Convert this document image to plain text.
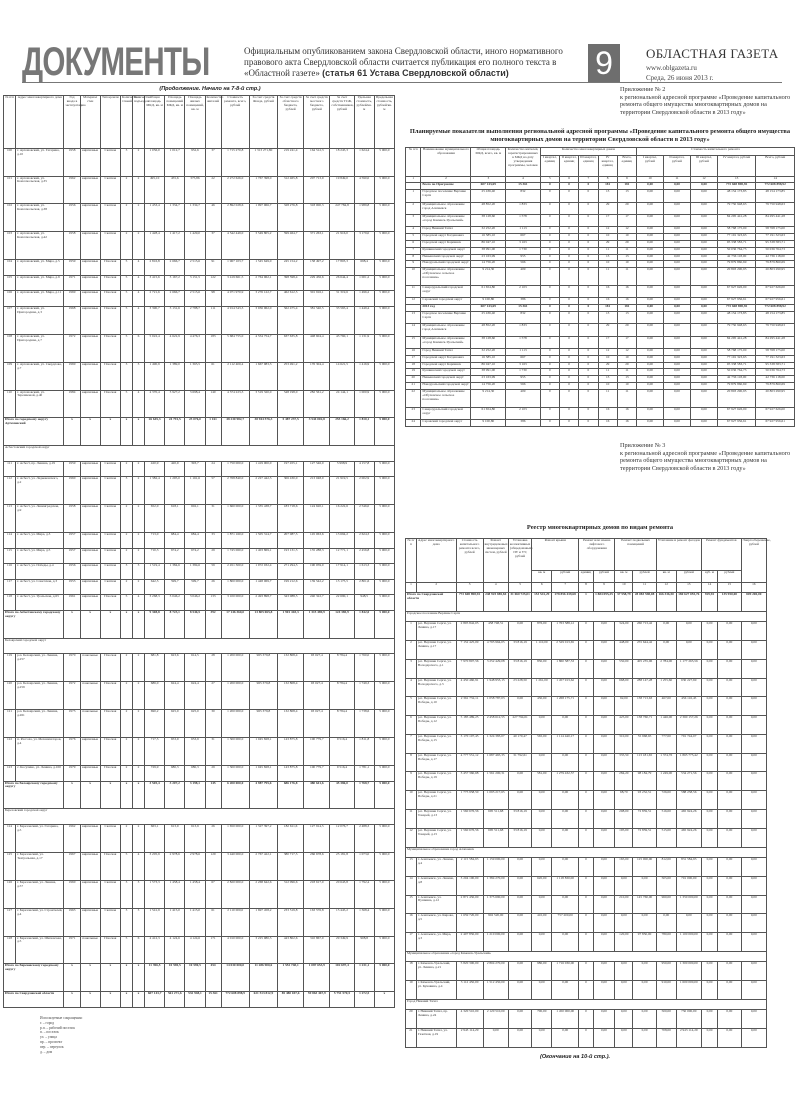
ДОКУМЕНТЫ	Официальным опубликованием закона Свердловской области, иного нормативного правового акта Свердловской области считается публикация его полного текста в «Областной газете» (статья 61 Устава Свердловской области)	9	ОБЛАСТНАЯ ГАЗЕТА
www.oblgazeta.ru
Среда, 26 июня 2013 г.
(Продолжение. Начало на 7-8-й стр.)	Приложение № 2
к региональной адресной программе «Проведение капитального ремонта общего имущества многоквартирных домов на территории Свердловской области в 2013 году»
Планируемые показатели выполнения региональной адресной программы «Проведение капитального ремонта общего имущества многоквартирных домов на территории Свердловской области в 2013 году»
№ п/п	Наименование муниципального образования	Общая площадь МКД, всего, кв. м	Количество жителей, зарегистрированных в МКД на дату утверждения программы, человек	Количество многоквартирных домов					Стоимость капитального ремонта				
				I квартал, единиц	II квартал, единиц	III квартал, единиц	IV квартал, единиц	Всего, единиц	I квартал, рублей	II квартал, рублей	III квартал, рублей	IV квартал, рублей	Всего, рублей
1	2	3	4	5	6	7	8	9	10	11	12	13	14
	Всего по Программе	607 143,69	15 361	0	0	0	181	181	0,00	0,00	0,00	772 608 898,92	772 608 898,92
1	Городское поселение Верхние Серги	25 436,40	832	0	0	0	13	13	0,00	0,00	0,00	48 154 173,85	48 154 173,85
2	Муниципальное образование город Алапаевск	48 852,20	1 833	0	0	0	29	29	0,00	0,00	0,00	79 750 948,63	79 750 948,63
3	Муниципальное образование «город Каменск-Уральский»	38 128,60	1 578	0	0	0	17	17	0,00	0,00	0,00	84 295 441,28	84 295 441,28
4	Город Нижний Тагил	32 252,20	1 113	0	0	0	12	12	0,00	0,00	0,00	58 768 175,00	58 768 175,00
5	Городской округ Богданович	16 585,10	667	0	0	0	10	10	0,00	0,00	0,00	77 191 323,63	77 191 323,63
6	Городской округ Карпинск	86 047,10	3 163	0	0	0	29	29	0,00	0,00	0,00	95 338 583,71	95 338 583,71
7	Кушвинский городской округ	38 991,00	1 730	0	0	0	11	11	0,00	0,00	0,00	50 036 764,73	50 036 764,73
8	Невьянский городской округ	23 163,99	955	0	0	0	13	13	0,00	0,00	0,00	42 736 118,00	42 736 118,00
9	Новоуральский городской округ	14 756,20	566	0	0	0	10	10	0,00	0,00	0,00	79 879 860,69	79 879 860,69
10	Муниципальное образование «Обуховское сельское поселение»	9 214,30	409	0	0	0	11	11	0,00	0,00	0,00	20 803 290,95	20 803 290,95
11	Североуральский городской округ	61 654,80	2 103	0	0	0	16	16	0,00	0,00	0,00	67 927 626,00	67 927 626,00
12	Серовский городской округ	9 100,80	386	0	0	0	16	16	0,00	0,00	0,00	67 927 956,61	67 927 956,61
	2013 год	607 143,69	15 361	0	0	0	181	181	0,00	0,00	0,00	772 608 898,92	772 608 898,92
13	Городское поселение Верхние Серги	25 436,40	832	0	0	0	13	13	0,00	0,00	0,00	48 154 173,85	48 154 173,85
14	Муниципальное образование город Алапаевск	48 852,20	1 833	0	0	0	29	29	0,00	0,00	0,00	79 750 948,63	79 750 948,63
15	Муниципальное образование «город Каменск-Уральский»	38 128,60	1 578	0	0	0	17	17	0,00	0,00	0,00	84 295 441,28	84 295 441,28
16	Город Нижний Тагил	32 252,20	1 113	0	0	0	12	12	0,00	0,00	0,00	58 768 175,00	58 768 175,00
17	Городской округ Богданович	16 585,10	667	0	0	0	10	10	0,00	0,00	0,00	77 191 323,63	77 191 323,63
18	Городской округ Карпинск	86 047,10	3 163	0	0	0	29	29	0,00	0,00	0,00	95 338 583,71	95 338 583,71
19	Кушвинский городской округ	38 991,00	1 730	0	0	0	11	11	0,00	0,00	0,00	50 036 764,73	50 036 764,73
20	Невьянский городской округ	23 163,99	955	0	0	0	13	13	0,00	0,00	0,00	42 736 118,00	42 736 118,00
21	Новоуральский городской округ	14 756,20	566	0	0	0	10	10	0,00	0,00	0,00	79 879 860,69	79 879 860,69
22	Муниципальное образование «Обуховское сельское поселение»	9 214,30	409	0	0	0	11	11	0,00	0,00	0,00	20 803 290,95	20 803 290,95
23	Североуральский городской округ	61 654,80	2 103	0	0	0	16	16	0,00	0,00	0,00	67 927 626,00	67 927 626,00
24	Серовский городской округ	9 100,80	386	0	0	0	16	16	0,00	0,00	0,00	67 927 956,61	67 927 956,61
Приложение № 3
к региональной адресной программе «Проведение капитального ремонта общего имущества многоквартирных домов на территории Свердловской области в 2013 году»
Реестр многоквартирных домов по видам ремонта
№ п/п	Адрес многоквартирного дома	Стоимость капитального ремонта всего, рублей	Ремонт внутридомовых инженерных систем, рублей	Установка коллективных (общедомовых) ПУ и УУ, рублей	Ремонт крыши		Ремонт или замена лифтового оборудования		Ремонт подвальных помещений		Утепление и ремонт фасадов		Ремонт фундаментов		Энергосбережение, рублей
					кв. м	рублей	единиц	рублей	кв. м	рублей	кв. м	рублей	куб. м	рублей	
1	2	3	4	5	6	7	8	9	10	11	12	13	14	15	16
Итого по Свердловской области		772 608 898,92	248 925 885,84	31 060 725,01	153 541,29	278 856 439,68	1	1 884 095,25	37 558,79	28 083 598,08	166 336,50	180 627 055,76	929,92	135 950,00	809 200,00
Городское поселение Верхние Серги															
1	р.п. Верхние Серги, ул. Ленина, д.17	2 805 842,05	458 748,51	0,00	876,00	1 763 588,12	0	0,00	324,00	260 713,42	0,00	0,00	0,00	0,00	0,00
2	р.п. Верхние Серги, ул. Ленина, д.17	7 152 425,09	4 795 964,05	33 816,19	1 110,00	2 529 013,65	0	0,00	448,00	255 644,42	0,00	0,00	0,00	0,00	0,00
3	р.п. Верхние Серги, ул. Володарского, д.1	7 970 807,56	3 252 429,08	33 816,19	830,00	1 860 587,53	0	0,00	550,00	405 235,06	2 784,00	1 177 265,56	0,00	0,00	0,00
4	р.п. Верхние Серги, ул. Володарского, д.3	4 450 460,91	1 948 953,15	23 228,50	1 261,00	1 457 913,62	0	0,00	668,00	288 147,28	1 255,60	630 227,69	0,00	0,00	0,00
5	р.п. Верхние Серги, ул. Победы, д.10	2 361 732,11	1 058 787,03	0,00	430,00	1 268 175,71	0	0,00	92,00	138 713,63	467,00	456 116,45	0,00	0,00	0,00
6	р.п. Верхние Серги, ул. Победы, д.12	5 185 489,25	2 458 612,55	227 794,01	0,00	0,00	0	0,00	425,00	138 760,71	1 446,00	2 360 157,26	0,00	0,00	0,00
7	р.п. Верхние Серги, ул. Победы, д.15	3 170 107,45	1 324 383,07	40 170,47	565,00	1 114 440,17	0	0,00	310,00	55 968,65	777,00	791 744,07	0,00	0,00	0,00
8	р.п. Верхние Серги, ул. Победы, д.17	4 777 551,12	1 687 465,35	31 792,61	0,00	0,00	0	0,00	335,50	113 181,65	1 374,76	1 865 775,42	0,00	0,00	0,00
9	р.п. Верхние Серги, ул. Победы, д.19	3 457 360,68	1 561 200,31	0,00	581,00	1 279 432,57	0	0,00	284,20	98 184,79	1 249,00	534 271,56	0,00	0,00	0,00
10	р.п. Верхние Серги, ул. Победы, д.21	1 775 958,50	1 095 217,65	0,00	0,00	0,00	0	0,00	68,70	93 232,51	726,00	588 238,56	0,00	0,00	0,00
11	р.п. Верхние Серги, ул. Токарей, д.13	1 560 676,56	695 511,68	33 816,19	0,00	0,00	0	0,00	298,00	72 859,51	516,00	465 924,26	0,00	0,00	0,00
12	р.п. Верхние Серги, ул. Токарей, д.15	1 560 676,56	695 511,68	33 816,19	0,00	0,00	0	0,00	195,00	72 859,51	515,00	465 924,26	0,00	0,00	0,00
Муниципальное образование город Алапаевск															
13	г. Алапаевск, ул. Ленина, д.4	2 115 584,93	1 159 000,00	0,00	0,00	0,00	0	0,00	165,00	125 000,00	812,00	831 584,93	0,00	0,00	0,00
14	г. Алапаевск, ул. Ленина, д.8	3 204 100,00	1 384 270,00	0,00	620,00	1 118 830,00	0	0,00	0,00	0,00	505,00	701 000,00	0,00	0,00	0,00
15	г. Алапаевск, ул. Пушкина, д.12	2 871 450,00	1 375 690,00	0,00	0,00	0,00	0	0,00	210,00	145 760,00	960,00	1 350 000,00	0,00	0,00	0,00
16	г. Алапаевск, ул. Кирова, д.5	1 659 720,00	902 520,00	0,00	410,00	757 200,00	0	0,00	0,00	0,00	0,00	0,00	0,00	0,00	0,00
17	г. Алапаевск, ул. Мира, д.3	2 407 850,00	1 210 000,00	0,00	0,00	0,00	0	0,00	120,00	97 850,00	780,00	1 100 000,00	0,00	0,00	0,00
Муниципальное образование «город Каменск-Уральский»															
18	г. Каменск-Уральский, ул. Ленина, д.21	5 820 300,00	2 804 270,00	0,00	980,00	1 716 030,00	0	0,00	0,00	0,00	950,00	1 300 000,00	0,00	0,00	0,00
19	г. Каменск-Уральский, ул. Кунавина, д.4	3 112 450,00	1 512 450,00	0,00	0,00	0,00	0	0,00	0,00	0,00	910,00	1 600 000,00	0,00	0,00	0,00
Город Нижний Тагил															
20	г. Нижний Тагил, пр. Ленина, д.24	4 320 510,00	2 120 510,00	0,00	700,00	1 450 000,00	0	0,00	0,00	0,00	500,00	750 000,00	0,00	0,00	0,00
21	г. Нижний Тагил, ул. Газетная, д.19	2 943 114,29	0,00	0,00	0,00	0,00	0	0,00	0,00	0,00	708,00	2 943 114,29	0,00	0,00	0,00
(Окончание на 10-й стр.).
№ п/п	Адрес многоквартирного дома	Год ввода в эксплуатацию	Материал стен	Тип кровли	Количество этажей	Количество подъездов	Общая площадь МКД, кв. м	Площадь помещений МКД, кв. м	Площадь жилых помещений, кв. м	Количество жителей	Стоимость ремонта, всего, рублей	За счет средств Фонда, рублей	За счет средств областного бюджета, рублей	За счет средств местного бюджета, рублей	За счет средств ТСЖ, собственников, рублей	Удельная стоимость, рублей/кв. м	Предельная стоимость, рублей/кв. м
100	г. Артемовский, ул. Гагарина, д.10	1958	кирпичные	Скатная	3	2	1 056,0	1 012,7	932,6	37	1 715 270,8	1 313 271,80	219 241,4	164 512,3	18 245,3	1 624,4	5 000,0
101	г. Артемовский, ул. Комсомольская, д.35	1962	кирпичные	Скатная	2	2	495,10	455,6	375,86	22	2 272 626,0	1 767 398,0	312 465,8	207 713,9	19 849,0	4 590,0	5 000,0
102	г. Артемовский, ул. Комсомольская, д.38	1956	кирпичные	Скатная	2	2	1 453,4	1 334,7	1 334,7	46	2 892 028,6	1 997 966,7	328 276,8	318 000,3	247 784,8	1 989,8	5 000,0
103	г. Артемовский, ул. Комсомольская, д.42	1958	кирпичные	Скатная	2	2	1 428,4	1 417,2	1 429,0	37	4 542 449,0	3 549 805,2	599 464,7	371 263,1	21 916,0	3 179,0	5 000,0
104	г. Артемовский, ул. Мира, д.5	1959	кирпичные	Плоская	5	4	2 816,8	2 666,7	2 515,6	91	1 967 103,7	1 545 649,0	245 154,2	158 497,2	17 803,3	698,4	5 000,0
105	г. Артемовский, ул. Мира, д.9	1971	кирпичные	Плоская	5	4	3 415,6	3 167,2	3 151,5	122	3 419 661,5	2 764 962,1	398 598,4	229 456,6	26 644,4	1 001,2	5 000,0
106	г. Артемовский, ул. Мира, д.11	1969	кирпичные	Плоская	5	4	2 721,6	2 666,7	2 515,6	98	4 071 970,9	3 276 122,7	462 612,5	301 916,1	31 319,6	1 496,2	5 000,0
107	г. Артемовский, ул. Пригородная, д.3	1968	кирпичные	Плоская	5	4	3 390,7	3 131,6	2 788,7	111	4 914 543,3	3 936 962,0	562 475,4	381 540,5	33 565,4	1 449,4	5 000,0
108	г. Артемовский, ул. Пригородная, д.7	1972	кирпичные	Плоская	5	6	5 022,4	4 622,9	4 476,3	183	5 684 755,0	4 554 754,7	637 635,8	448 604,4	43 760,1	1 131,9	5 000,0
109	г. Артемовский, ул. Свердлова, д.7	1969	кирпичные	Плоская	3	3	1 490,9	1 389,0	1 365,5	61	2 112 400,4	1 667 983,3	253 491,2	176 304,4	14 621,5	1 416,9	5 000,0
110	г. Артемовский, ул. Терешковой, д.40	1984	кирпичные	Плоская	5	4	4 370,4	3 927,2	3 698,4	140	4 374 223,3	3 519 320,0	548 198,0	282 561,2	24 144,1	1 000,9	5 000,0
Итого по городскому округу Артемовский		х	х	х	х	х	26 645,3	24 791,5	23 076,0	1 161	48 230 982,7	38 944 576,3	5 487 237,5	3 544 002,8	255 166,2	1 810,1	5 000,0
Асбестовский городской округ																	
111	г. Асбест, пр. Ленина, д.19	1959	кирпичные	Скатная	2	2	420,9	420,9	393,7	24	1 750 000,0	1 419 000,0	197 455,1	127 546,0	5 998,9	4 157,8	5 000,0
112	г. Асбест, ул. Ладыженского, д.2	1960	кирпичные	Скатная	3	2	1 382,4	1 295,0	1 161,6	57	2 768 840,0	2 227 442,5	306 430,0	213 048,0	21 919,5	2 002,9	5 000,0
113	г. Асбест, ул. Ленинградская, д.9	1958	кирпичные	Скатная	2	2	652,0	618,1	602,1	31	1 660 000,0	1 335 438,7	183 718,6	124 620,1	16 222,6	2 546,0	5 000,0
114	г. Асбест, ул. Мира, д.3	1957	кирпичные	Скатная	2	2	713,0	684,4	684,4	33	1 871 160,0	1 505 314,7	207 087,5	145 063,6	13 694,2	2 624,3	5 000,0
115	г. Асбест, ул. Мира, д.5	1957	кирпичные	Скатная	2	2	710,3	674,2	674,2	29	1 745 060,0	1 403 869,1	193 131,5	135 288,3	12 771,1	2 456,8	5 000,0
116	г. Асбест, ул. Победы, д.4	1956	кирпичные	Скатная	3	3	1 519,4	1 384,6	1 384,6	59	2 451 300,0	1 972 032,4	271 294,5	190 059,0	17 914,1	1 613,3	5 000,0
117	г. Асбест, ул. Советская, д.3	1953	кирпичные	Скатная	2	2	642,5	599,7	599,7	26	1 800 000,0	1 448 069,7	199 212,6	139 542,2	13 175,5	2 801,6	5 000,0
118	г. Асбест, ул. Уральская, д.63	1961	кирпичные	Плоская	5	4	3 268,3	3 046,2	3 046,2	133	3 100 000,0	2 493 898,7	343 088,5	240 322,7	22 690,1	948,5	5 000,0
Итого по Асбестовскому городскому округу		х	х	х	х	х	9 308,8	8 723,1	8 546,5	392	17 146 360,0	13 805 065,8	1 901 418,3	1 315 489,9	124 385,9	1 842,0	5 000,0
Белоярский городской округ																	
119	р.п. Белоярский, ул. Ленина, д.257	1970	панельные	Плоская	2	2	681,8	623,6	614,5	28	1 200 000,0	965 379,8	132 808,4	93 027,4	8 784,4	1 760,0	5 000,0
120	р.п. Белоярский, ул. Ленина, д.259	1972	панельные	Плоская	2	2	686,0	624,4	624,4	27	1 200 000,0	965 379,8	132 808,4	93 027,4	8 784,4	1 749,3	5 000,0
121	р.п. Белоярский, ул. Ленина, д.261	1973	панельные	Плоская	2	2	690,2	625,0	625,0	30	1 200 000,0	965 379,8	132 808,4	93 027,4	8 784,4	1 738,6	5 000,0
122	п. Рассоха, ул. Механизаторов, д.4	1976	кирпичные	Плоская	2	2	717,5	653,9	653,9	31	1 300 000,0	1 045 828,1	143 875,8	100 779,7	9 516,4	1 811,8	5 000,0
123	с. Косулино, ул. Ленина, д.100	1979	кирпичные	Плоская	2	2	729,9	680,3	680,3	29	1 300 000,0	1 045 828,1	143 875,8	100 779,7	9 516,4	1 781,1	5 000,0
Итого по Белоярскому городскому округу		х	х	х	х	х	3 505,4	3 207,2	3 198,1	145	6 200 000,0	4 987 795,6	686 176,8	480 641,6	45 386,0	1 768,7	5 000,0
Березовский городской округ																	
124	г. Березовский, ул. Гагарина, д.5	1962	кирпичные	Скатная	2	2	663,1	613,9	613,9	26	1 650 000,0	1 327 397,2	182 611,6	127 914,5	12 076,7	2 488,3	5 000,0
125	г. Березовский, ул. Театральная, д.17	1967	кирпичные	Плоская	5	4	3 205,9	2 978,6	2 978,6	129	3 440 000,0	2 767 422,1	380 717,5	266 678,6	25 181,8	1 073,0	5 000,0
126	г. Березовский, ул. Ленина, д.57	1960	кирпичные	Скатная	3	3	1 573,3	1 458,4	1 458,4	67	2 820 000,0	2 268 642,6	312 096,6	218 617,0	20 643,8	1 792,4	5 000,0
127	г. Березовский, ул. Строителей, д.4	1963	кирпичные	Скатная	3	3	1 541,9	1 415,0	1 415,0	61	2 110 000,0	1 697 458,2	233 519,8	163 576,8	15 445,2	1 368,4	5 000,0
128	г. Березовский, ул. Шиловская, д.5	1971	панельные	Плоская	5	6	4 412,3	4 124,6	4 124,6	171	4 010 000,0	3 225 980,5	443 802,6	310 867,0	29 349,9	908,8	5 000,0
Итого по Березовскому городскому округу		х	х	х	х	х	11 396,5	10 590,5	10 590,5	454	14 030 000,0	11 286 900,6	1 552 748,1	1 087 653,9	102 697,4	1 231,1	5 000,0
Итого по Свердловской области		х	х	х	х	х	607 143,7	561 271,6	532 948,1	15 361	772 608 898,9	621 513 812,9	85 480 047,6	59 863 467,9	5 751 570,5	1 272,5	х
Используемые сокращения:
г. – город
р.п. – рабочий поселок
п. – поселок
ул. – улица
пр. – проспект
пер. – переулок
д. – дом
